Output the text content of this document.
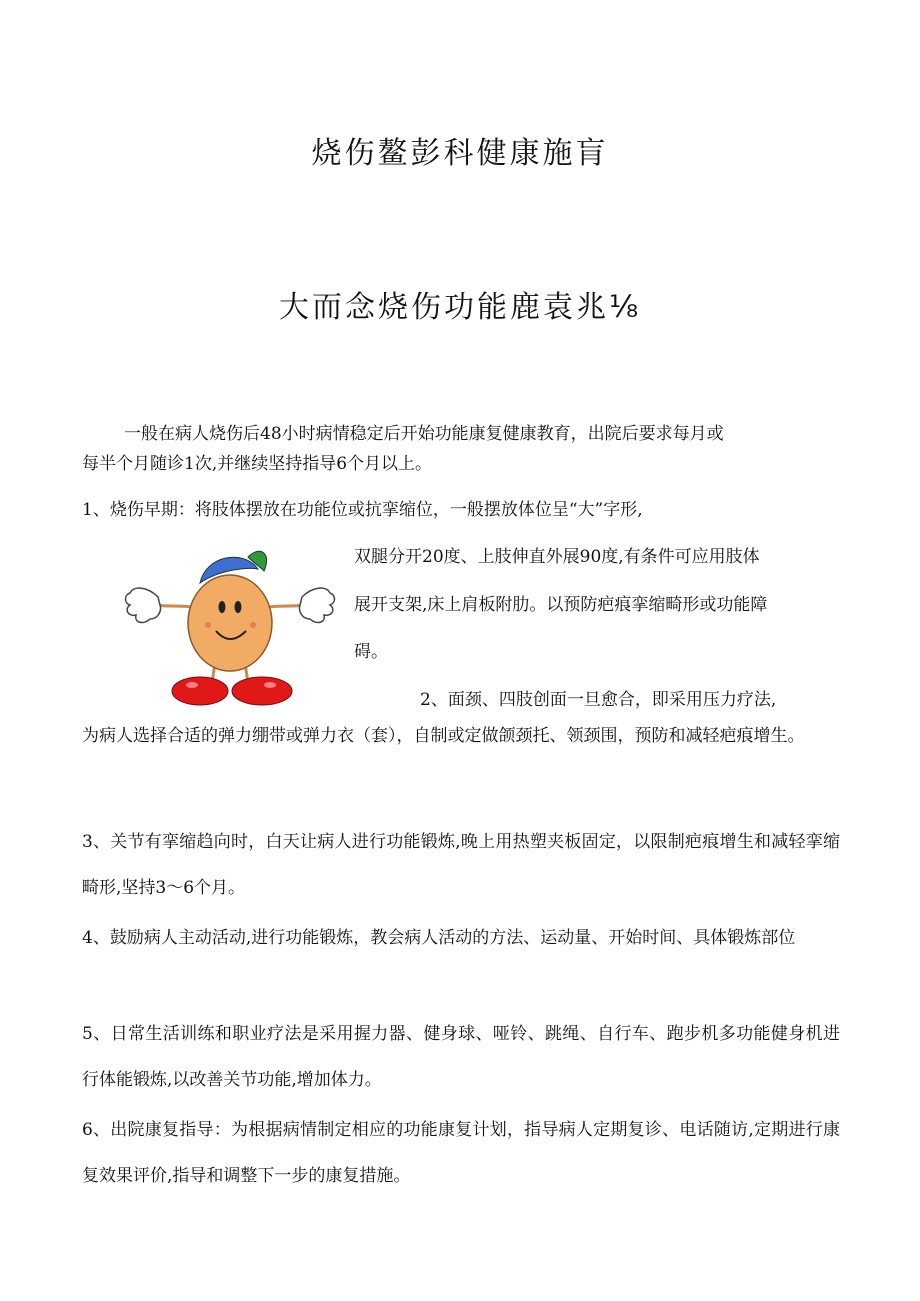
烧伤鳌彭科健康施肓
大而念烧伤功能鹿袁兆⅛

一般在病人烧伤后48小时病情稳定后开始功能康复健康教育，出院后要求每月或

每半个月随诊1次,并继续坚持指导6个月以上。

1、烧伤早期：将肢体摆放在功能位或抗挛缩位，一般摆放体位呈“大”字形,

双腿分开20度、上肢伸直外展90度,有条件可应用肢体

展开支架,床上肩板附肋。以预防疤痕挛缩畸形或功能障

碍。

2、面颈、四肢创面一旦愈合，即采用压力疗法,

为病人选择合适的弹力绷带或弹力衣（套），自制或定做颌颈托、领颈围，预防和减轻疤痕增生。

3、关节有挛缩趋向时，白天让病人进行功能锻炼,晚上用热塑夹板固定，以限制疤痕增生和减轻挛缩畸形,坚持3～6个月。

4、鼓励病人主动活动,进行功能锻炼，教会病人活动的方法、运动量、开始时间、具体锻炼部位

5、日常生活训练和职业疗法是采用握力器、健身球、哑铃、跳绳、自行车、跑步机多功能健身机进行体能锻炼,以改善关节功能,增加体力。

6、出院康复指导：为根据病情制定相应的功能康复计划，指导病人定期复诊、电话随访,定期进行康复效果评价,指导和调整下一步的康复措施。
